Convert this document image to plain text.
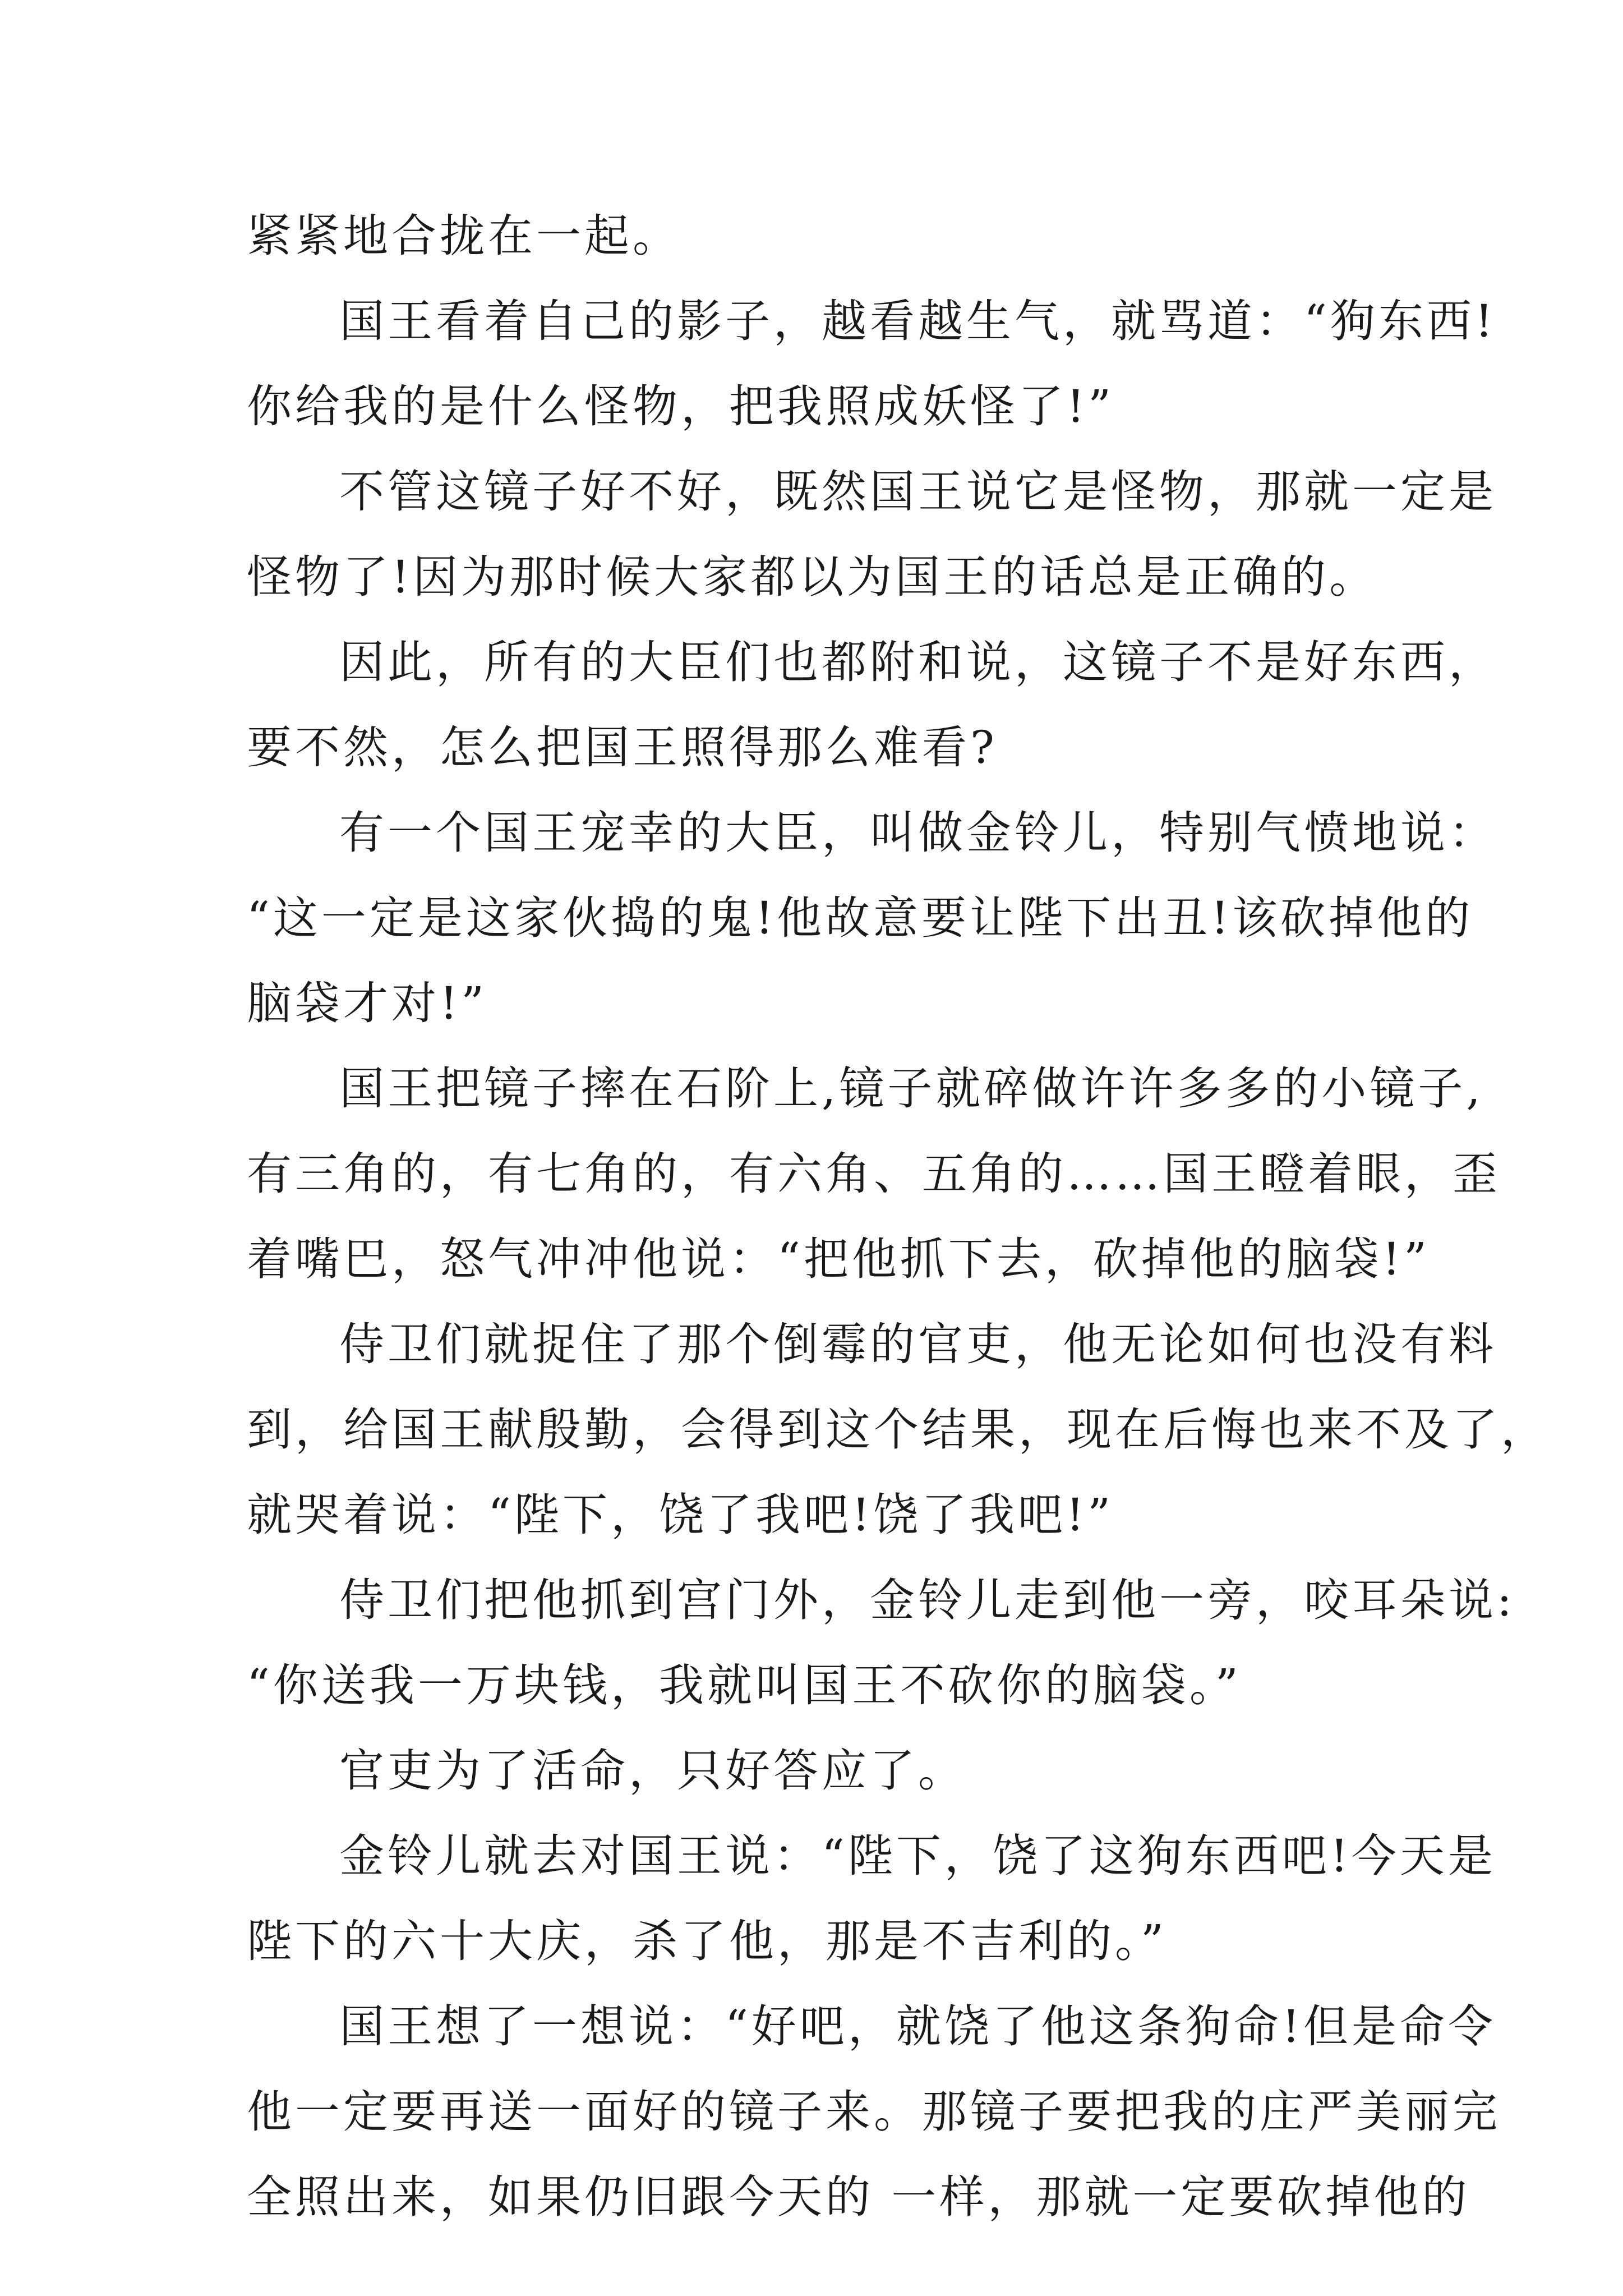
紧紧地合拢在一起。
国王看着自己的影子，越看越生气，就骂道：“狗东西!
你给我的是什么怪物，把我照成妖怪了!”
不管这镜子好不好，既然国王说它是怪物，那就一定是
怪物了!因为那时候大家都以为国王的话总是正确的。
因此，所有的大臣们也都附和说，这镜子不是好东西，
要不然，怎么把国王照得那么难看?
有一个国王宠幸的大臣，叫做金铃儿，特别气愤地说：
“这一定是这家伙捣的鬼!他故意要让陛下出丑!该砍掉他的
脑袋才对!”
国王把镜子摔在石阶上,镜子就碎做许许多多的小镜子,
有三角的，有七角的，有六角、五角的……国王瞪着眼，歪
着嘴巴，怒气冲冲他说：“把他抓下去，砍掉他的脑袋!”
侍卫们就捉住了那个倒霉的官吏，他无论如何也没有料
到，给国王献殷勤，会得到这个结果，现在后悔也来不及了，
就哭着说：“陛下，饶了我吧!饶了我吧!”
侍卫们把他抓到宫门外，金铃儿走到他一旁，咬耳朵说:
“你送我一万块钱，我就叫国王不砍你的脑袋。”
官吏为了活命，只好答应了。
金铃儿就去对国王说：“陛下，饶了这狗东西吧!今天是
陛下的六十大庆，杀了他，那是不吉利的。”
国王想了一想说：“好吧，就饶了他这条狗命!但是命令
他一定要再送一面好的镜子来。那镜子要把我的庄严美丽完
全照出来，如果仍旧跟今天的 一样，那就一定要砍掉他的
